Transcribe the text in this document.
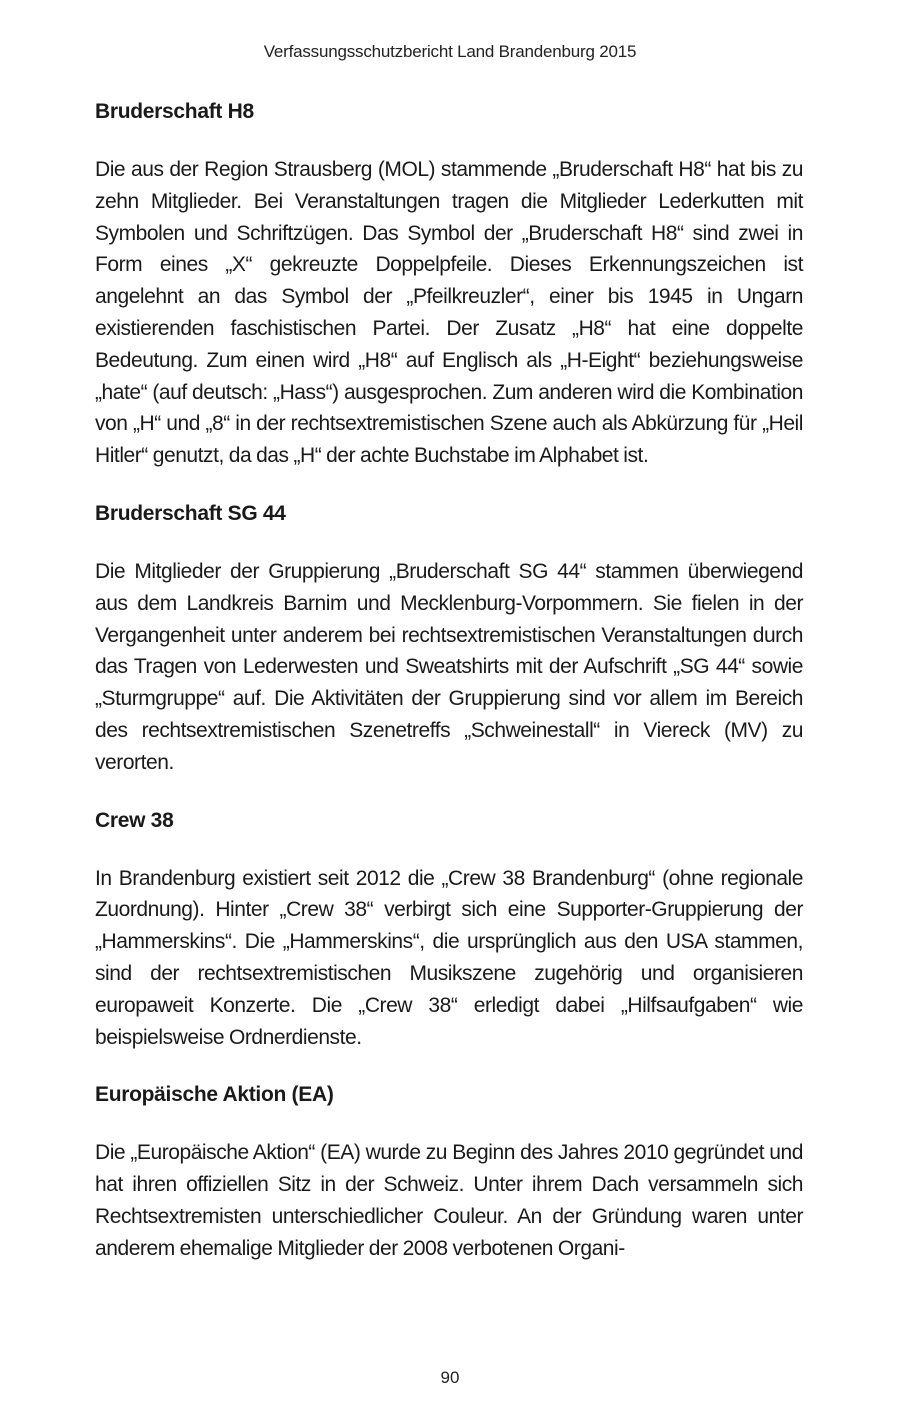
Verfassungsschutzbericht Land Brandenburg 2015
Bruderschaft H8

Die aus der Region Strausberg (MOL) stammende „Bruderschaft H8“ hat bis zu zehn Mitglieder. Bei Veranstaltungen tragen die Mitglieder Lederkutten mit Symbolen und Schriftzügen. Das Symbol der „Bruderschaft H8“ sind zwei in Form eines „X“ gekreuzte Doppelpfeile. Dieses Erkennungszeichen ist angelehnt an das Symbol der „Pfeilkreuzler“, einer bis 1945 in Ungarn existierenden faschistischen Partei. Der Zusatz „H8“ hat eine doppelte Bedeutung. Zum einen wird „H8“ auf Englisch als „H-Eight“ beziehungsweise „hate“ (auf deutsch: „Hass“) ausgesprochen. Zum anderen wird die Kombination von „H“ und „8“ in der rechtsextremistischen Szene auch als Abkürzung für „Heil Hitler“ genutzt, da das „H“ der achte Buchstabe im Alphabet ist.

Bruderschaft SG 44

Die Mitglieder der Gruppierung „Bruderschaft SG 44“ stammen überwiegend aus dem Landkreis Barnim und Mecklenburg-Vorpommern. Sie fielen in der Vergangenheit unter anderem bei rechtsextremistischen Veranstaltungen durch das Tragen von Lederwesten und Sweatshirts mit der Aufschrift „SG 44“ sowie „Sturmgruppe“ auf. Die Aktivitäten der Gruppierung sind vor allem im Bereich des rechtsextremistischen Szenetreffs „Schweinestall“ in Viereck (MV) zu verorten.

Crew 38

In Brandenburg existiert seit 2012 die „Crew 38 Brandenburg“ (ohne regionale Zuordnung). Hinter „Crew 38“ verbirgt sich eine Supporter-Gruppierung der „Hammerskins“. Die „Hammerskins“, die ursprünglich aus den USA stammen, sind der rechtsextremistischen Musikszene zugehörig und organisieren europaweit Konzerte. Die „Crew 38“ erledigt dabei „Hilfsaufgaben“ wie beispielsweise Ordnerdienste.

Europäische Aktion (EA)

Die „Europäische Aktion“ (EA) wurde zu Beginn des Jahres 2010 gegründet und hat ihren offiziellen Sitz in der Schweiz. Unter ihrem Dach versammeln sich Rechtsextremisten unterschiedlicher Couleur. An der Gründung waren unter anderem ehemalige Mitglieder der 2008 verbotenen Organi-

90
